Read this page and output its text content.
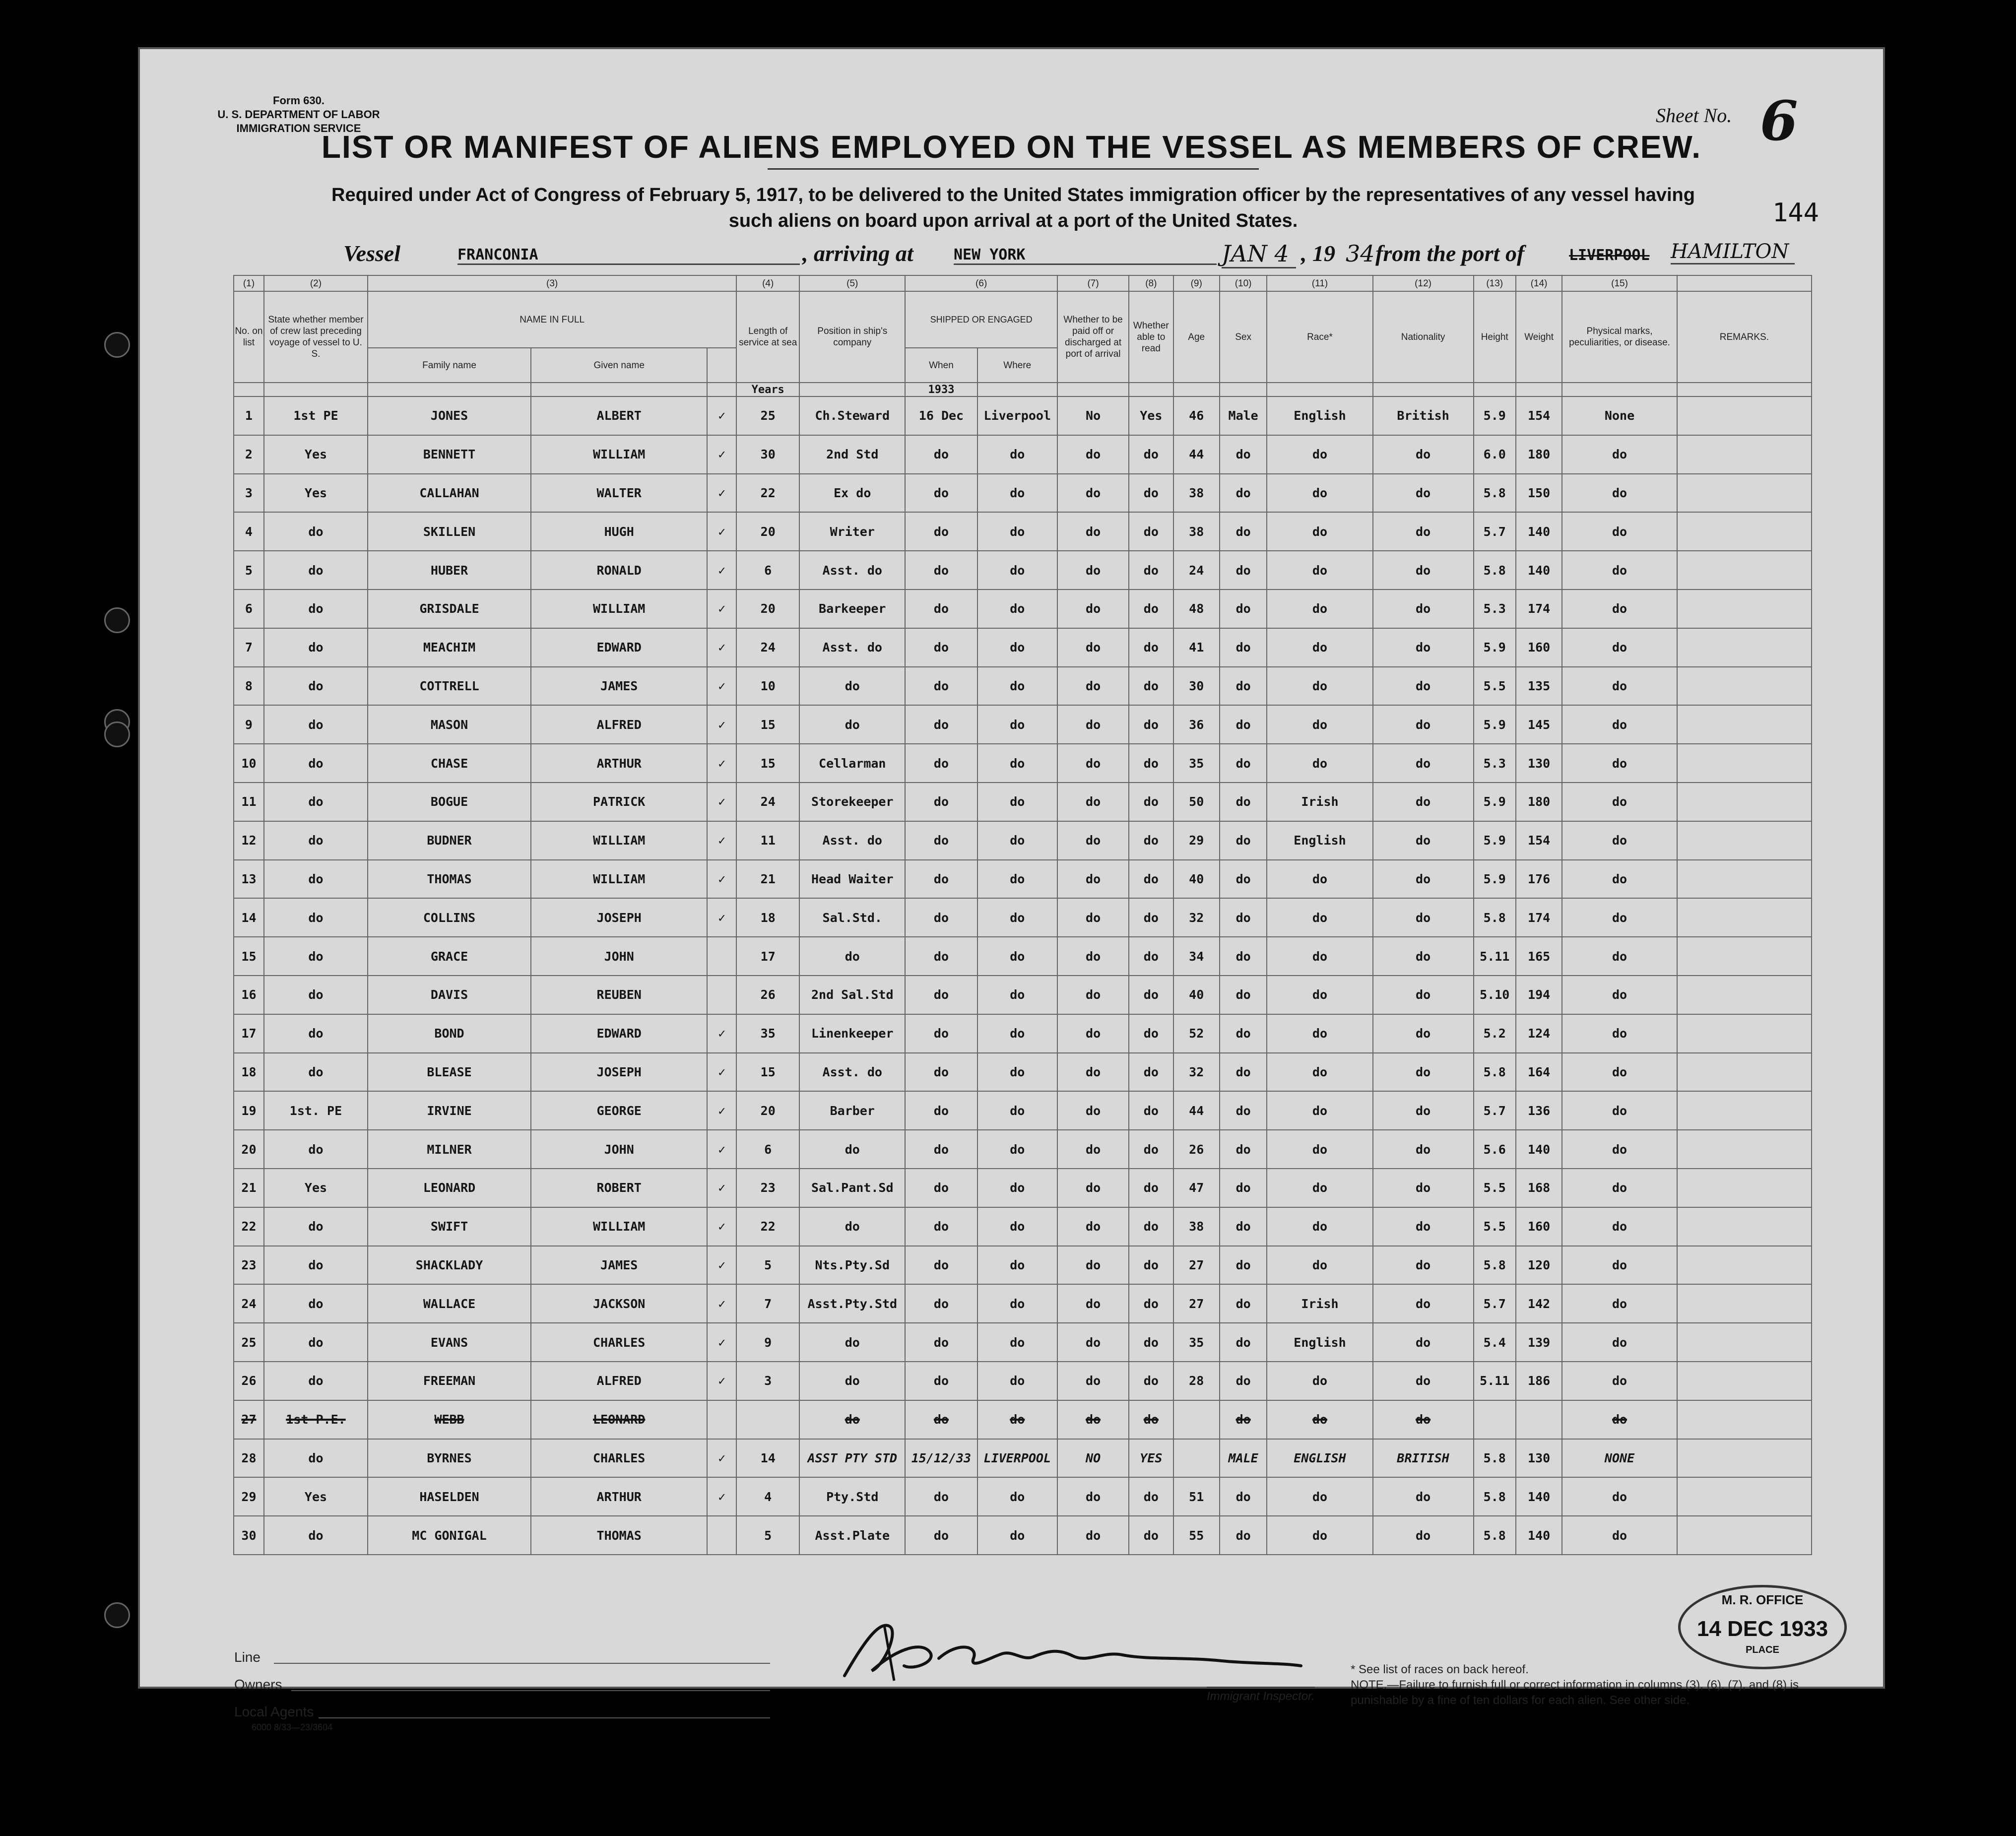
Form 630.
U. S. DEPARTMENT OF LABOR
IMMIGRATION SERVICE
Sheet No. 6
LIST OR MANIFEST OF ALIENS EMPLOYED ON THE VESSEL AS MEMBERS OF CREW.
Required under Act of Congress of February 5, 1917, to be delivered to the United States immigration officer by the representatives of any vessel having such aliens on board upon arrival at a port of the United States.	144
Vessel	FRANCONIA	, arriving at	NEW YORK	JAN 4 , 19 34 from the port of	LIVERPOOL HAMILTON
(1)	(2)	(3)			(4)	(5)	(6)		(7)	(8)	(9)	(10)	(11)	(12)	(13)	(14)	(15)	
No. on list	State whether member of crew last preceding voyage of vessel to U. S.	NAME IN FULL			Length of service at sea	Position in ship's company	SHIPPED OR ENGAGED		Whether to be paid off or discharged at port of arrival	Whether able to read	Age	Sex	Race*	Nationality	Height	Weight	Physical marks, peculiarities, or disease.	REMARKS.
		Family name	Given name				When	Where										
					Years		1933											
1	1st PE	JONES	ALBERT	✓	25	Ch.Steward	16 Dec	Liverpool	No	Yes	46	Male	English	British	5.9	154	None	
2	Yes	BENNETT	WILLIAM	✓	30	2nd Std	do	do	do	do	44	do	do	do	6.0	180	do	
3	Yes	CALLAHAN	WALTER	✓	22	Ex do	do	do	do	do	38	do	do	do	5.8	150	do	
4	do	SKILLEN	HUGH	✓	20	Writer	do	do	do	do	38	do	do	do	5.7	140	do	
5	do	HUBER	RONALD	✓	6	Asst. do	do	do	do	do	24	do	do	do	5.8	140	do	
6	do	GRISDALE	WILLIAM	✓	20	Barkeeper	do	do	do	do	48	do	do	do	5.3	174	do	
7	do	MEACHIM	EDWARD	✓	24	Asst. do	do	do	do	do	41	do	do	do	5.9	160	do	
8	do	COTTRELL	JAMES	✓	10	do	do	do	do	do	30	do	do	do	5.5	135	do	
9	do	MASON	ALFRED	✓	15	do	do	do	do	do	36	do	do	do	5.9	145	do	
10	do	CHASE	ARTHUR	✓	15	Cellarman	do	do	do	do	35	do	do	do	5.3	130	do	
11	do	BOGUE	PATRICK	✓	24	Storekeeper	do	do	do	do	50	do	Irish	do	5.9	180	do	
12	do	BUDNER	WILLIAM	✓	11	Asst. do	do	do	do	do	29	do	English	do	5.9	154	do	
13	do	THOMAS	WILLIAM	✓	21	Head Waiter	do	do	do	do	40	do	do	do	5.9	176	do	
14	do	COLLINS	JOSEPH	✓	18	Sal.Std.	do	do	do	do	32	do	do	do	5.8	174	do	
15	do	GRACE	JOHN		17	do	do	do	do	do	34	do	do	do	5.11	165	do	
16	do	DAVIS	REUBEN		26	2nd Sal.Std	do	do	do	do	40	do	do	do	5.10	194	do	
17	do	BOND	EDWARD	✓	35	Linenkeeper	do	do	do	do	52	do	do	do	5.2	124	do	
18	do	BLEASE	JOSEPH	✓	15	Asst. do	do	do	do	do	32	do	do	do	5.8	164	do	
19	1st. PE	IRVINE	GEORGE	✓	20	Barber	do	do	do	do	44	do	do	do	5.7	136	do	
20	do	MILNER	JOHN	✓	6	do	do	do	do	do	26	do	do	do	5.6	140	do	
21	Yes	LEONARD	ROBERT	✓	23	Sal.Pant.Sd	do	do	do	do	47	do	do	do	5.5	168	do	
22	do	SWIFT	WILLIAM	✓	22	do	do	do	do	do	38	do	do	do	5.5	160	do	
23	do	SHACKLADY	JAMES	✓	5	Nts.Pty.Sd	do	do	do	do	27	do	do	do	5.8	120	do	
24	do	WALLACE	JACKSON	✓	7	Asst.Pty.Std	do	do	do	do	27	do	Irish	do	5.7	142	do	
25	do	EVANS	CHARLES	✓	9	do	do	do	do	do	35	do	English	do	5.4	139	do	
26	do	FREEMAN	ALFRED	✓	3	do	do	do	do	do	28	do	do	do	5.11	186	do	
27	1st P.E.	WEBB	LEONARD			do	do	do	do	do		do	do	do			do	
28	do	BYRNES	CHARLES	✓	14	ASST PTY STD	15/12/33	LIVERPOOL	NO	YES		MALE	ENGLISH	BRITISH	5.8	130	NONE	
29	Yes	HASELDEN	ARTHUR	✓	4	Pty.Std	do	do	do	do	51	do	do	do	5.8	140	do	
30	do	MC GONIGAL	THOMAS		5	Asst.Plate	do	do	do	do	55	do	do	do	5.8	140	do	
Line
Owners
Local Agents
6000 8/33—23/3604
Immigrant Inspector.
* See list of races on back hereof.
NOTE.—Failure to furnish full or correct information in columns (3), (6), (7), and (8) is punishable by a fine of ten dollars for each alien. See other side.
M. R. OFFICE
14 DEC 1933
PLACE
